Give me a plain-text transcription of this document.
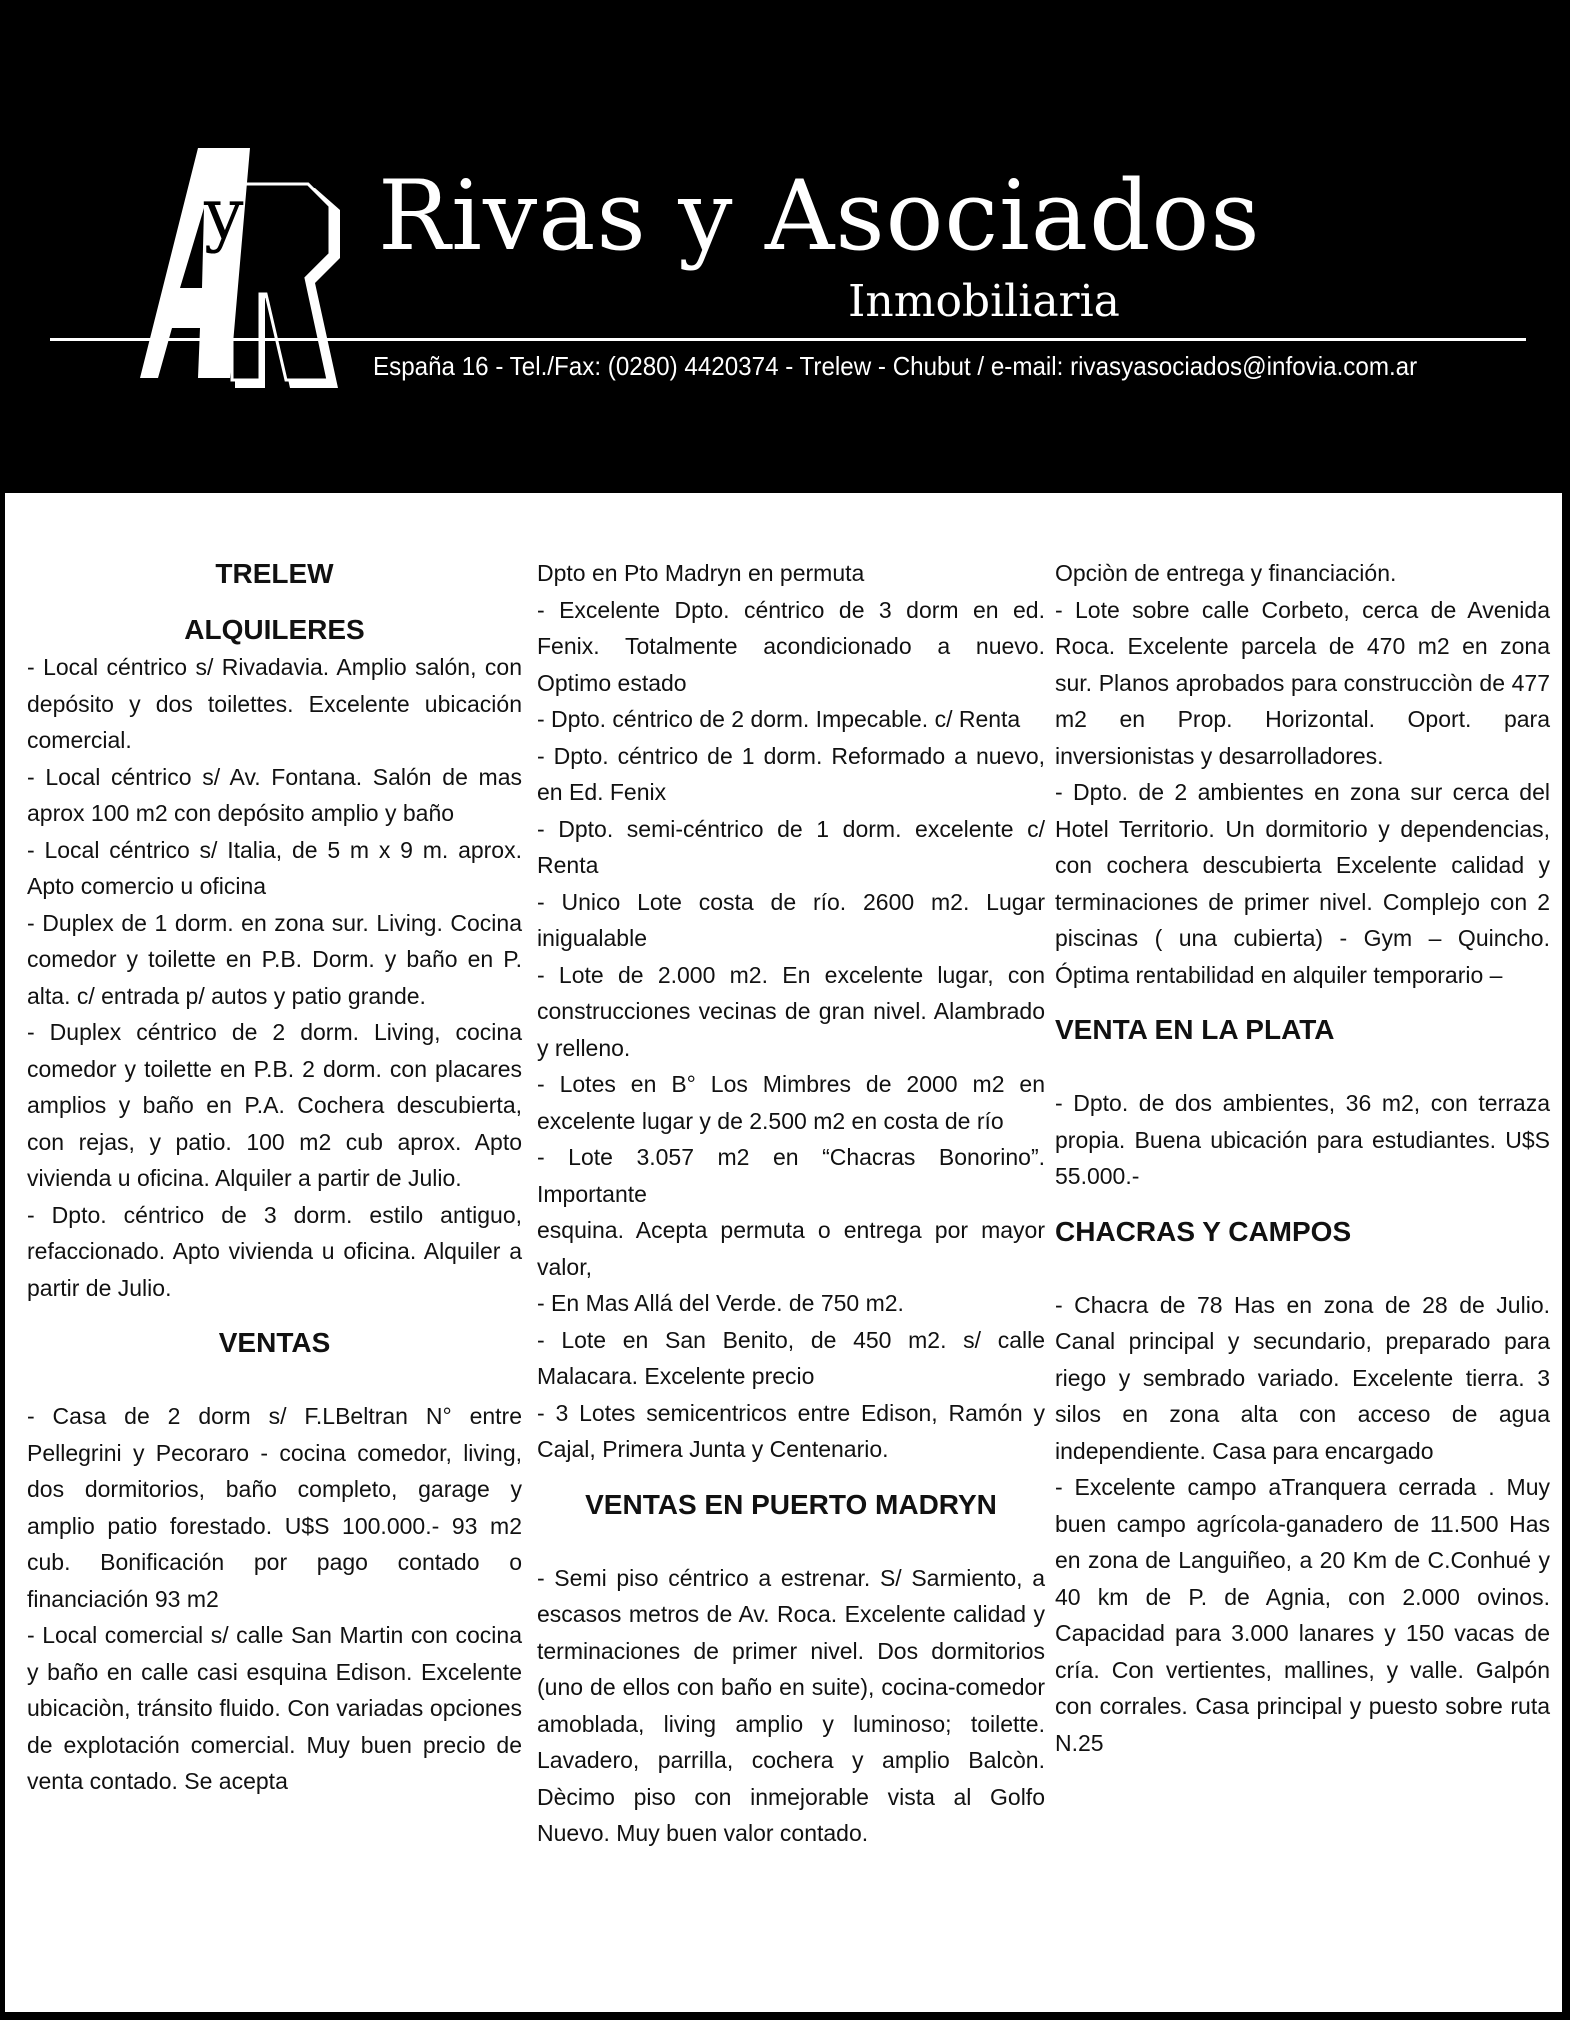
y Rivas y Asociados
Inmobiliaria
España 16 - Tel./Fax: (0280) 4420374 - Trelew - Chubut / e-mail: rivasyasociados@infovia.com.ar

TRELEW

ALQUILERES

- Local céntrico s/ Rivadavia. Amplio salón, con depósito y dos toilettes. Excelente ubicación comercial.

- Local céntrico s/ Av. Fontana. Salón de mas aprox 100 m2 con depósito amplio y baño

- Local céntrico s/ Italia, de 5 m x 9 m. aprox. Apto comercio u oficina

- Duplex de 1 dorm. en zona sur. Living. Cocina comedor y toilette en P.B. Dorm. y baño en P. alta. c/ entrada p/ autos y patio grande.

- Duplex céntrico de 2 dorm. Living, cocina comedor y toilette en P.B. 2 dorm. con placares amplios y baño en P.A. Cochera descubierta, con rejas, y patio. 100 m2 cub aprox. Apto vivienda u oficina. Alquiler a partir de Julio.

- Dpto. céntrico de 3 dorm. estilo antiguo, refaccionado. Apto vivienda u oficina. Alquiler a partir de Julio.

VENTAS

- Casa de 2 dorm s/ F.LBeltran N° entre Pellegrini y Pecoraro - cocina comedor, living, dos dormitorios, baño completo, garage y amplio patio forestado. U$S 100.000.- 93 m2 cub. Bonificación por pago contado o financiación 93 m2

- Local comercial s/ calle San Martin con cocina y baño en calle casi esquina Edison. Excelente ubicaciòn, tránsito fluido. Con variadas opciones de explotación comercial. Muy buen precio de venta contado. Se acepta

Dpto en Pto Madryn en permuta

- Excelente Dpto. céntrico de 3 dorm en ed. Fenix. Totalmente acondicionado a nuevo. Optimo estado

- Dpto. céntrico de 2 dorm. Impecable. c/ Renta

- Dpto. céntrico de 1 dorm. Reformado a nuevo, en Ed. Fenix

- Dpto. semi-céntrico de 1 dorm. excelente c/ Renta

- Unico Lote costa de río. 2600 m2. Lugar inigualable

- Lote de 2.000 m2. En excelente lugar, con construcciones vecinas de gran nivel. Alambrado y relleno.

- Lotes en B° Los Mimbres de 2000 m2 en excelente lugar y de 2.500 m2 en costa de río

- Lote 3.057 m2 en “Chacras Bonorino”. Importante

esquina. Acepta permuta o entrega por mayor valor,

- En Mas Allá del Verde. de 750 m2.

- Lote en San Benito, de 450 m2. s/ calle Malacara. Excelente precio

- 3 Lotes semicentricos entre Edison, Ramón y Cajal, Primera Junta y Centenario.

VENTAS EN PUERTO MADRYN

- Semi piso céntrico a estrenar. S/ Sarmiento, a escasos metros de Av. Roca. Excelente calidad y terminaciones de primer nivel. Dos dormitorios (uno de ellos con baño en suite), cocina-comedor amoblada, living amplio y luminoso; toilette. Lavadero, parrilla, cochera y amplio Balcòn. Dècimo piso con inmejorable vista al Golfo Nuevo. Muy buen valor contado.

Opciòn de entrega y financiación.

- Lote sobre calle Corbeto, cerca de Avenida Roca. Excelente parcela de 470 m2 en zona sur. Planos aprobados para construcciòn de 477 m2 en Prop. Horizontal. Oport. para inversionistas y desarrolladores.

- Dpto. de 2 ambientes en zona sur cerca del Hotel Territorio. Un dormitorio y dependencias, con cochera descubierta Excelente calidad y terminaciones de primer nivel. Complejo con 2 piscinas ( una cubierta) - Gym – Quincho. Óptima rentabilidad en alquiler temporario –

VENTA EN LA PLATA

- Dpto. de dos ambientes, 36 m2, con terraza propia. Buena ubicación para estudiantes. U$S 55.000.-

CHACRAS Y CAMPOS

- Chacra de 78 Has en zona de 28 de Julio. Canal principal y secundario, preparado para riego y sembrado variado. Excelente tierra. 3 silos en zona alta con acceso de agua independiente. Casa para encargado

- Excelente campo aTranquera cerrada . Muy buen campo agrícola-ganadero de 11.500 Has en zona de Languiñeo, a 20 Km de C.Conhué y 40 km de P. de Agnia, con 2.000 ovinos. Capacidad para 3.000 lanares y 150 vacas de cría. Con vertientes, mallines, y valle. Galpón con corrales. Casa principal y puesto sobre ruta N.25
